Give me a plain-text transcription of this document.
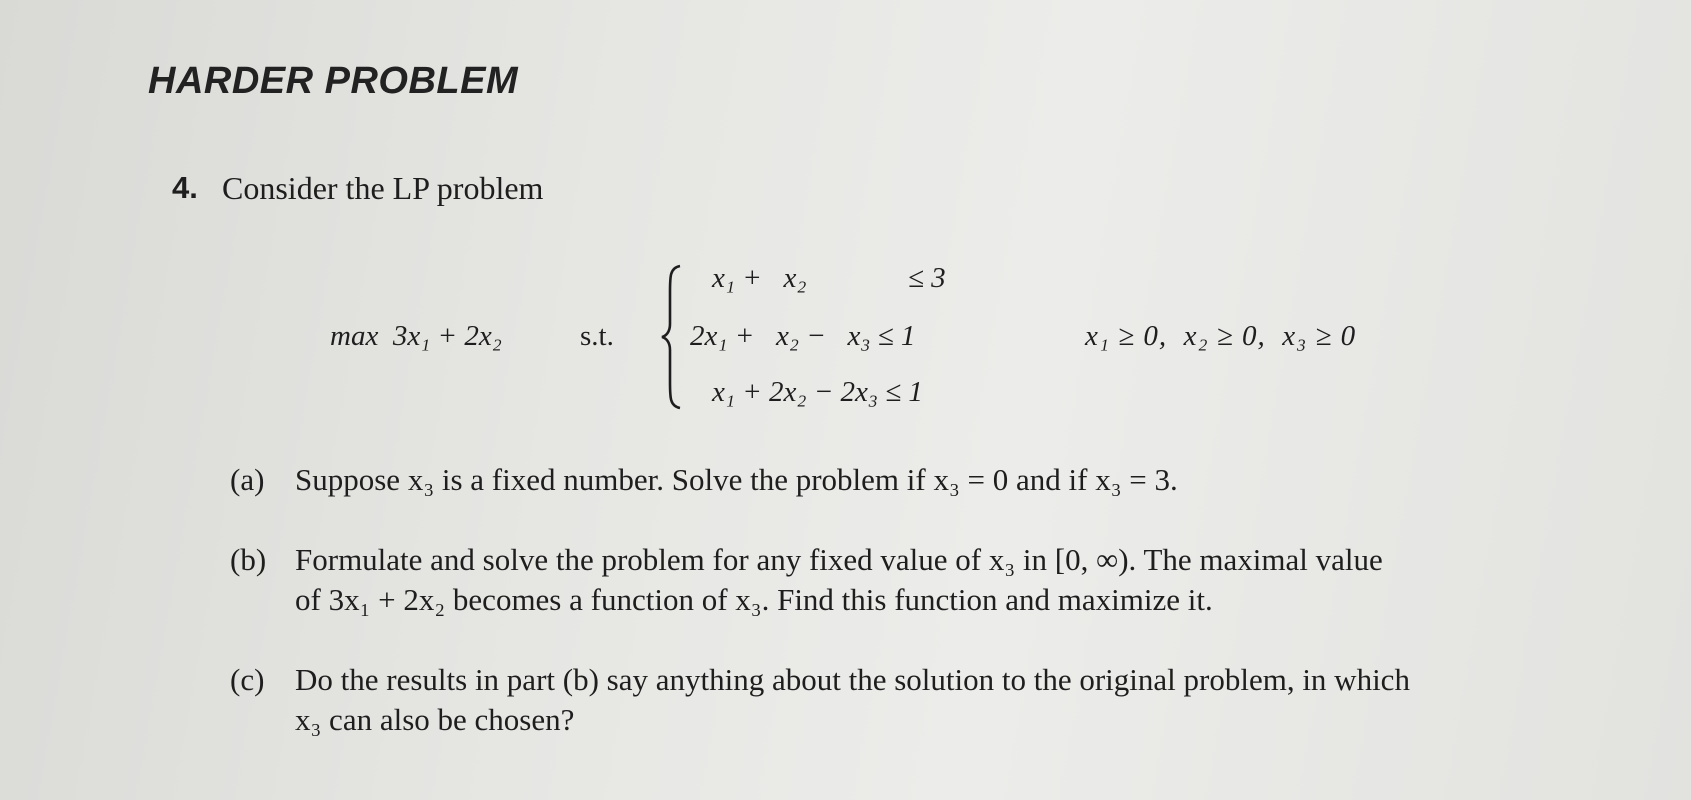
HARDER PROBLEM
4. Consider the LP problem
max  3x₁ + 2x₂	s.t.

x₁ +   x₂              ≤ 3

2x₁ +   x₂ −   x₃ ≤ 1

x₁ + 2x₂ − 2x₃ ≤ 1

x₁ ≥ 0,  x₂ ≥ 0,  x₃ ≥ 0
(a) Suppose x₃ is a fixed number. Solve the problem if x₃ = 0 and if x₃ = 3.
(b) Formulate and solve the problem for any fixed value of x₃ in [0, ∞). The maximal value
of 3x₁ + 2x₂ becomes a function of x₃. Find this function and maximize it.
(c) Do the results in part (b) say anything about the solution to the original problem, in which
x₃ can also be chosen?
